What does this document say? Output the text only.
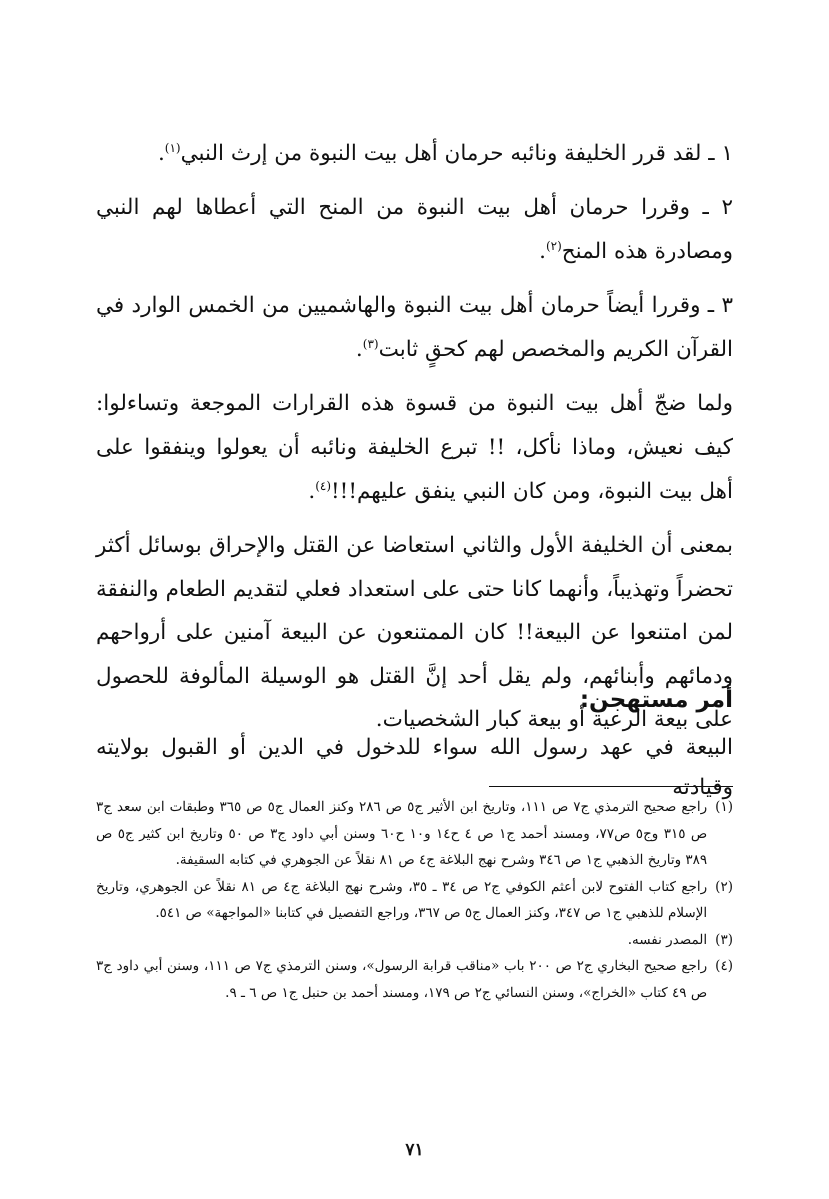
١ ـ لقد قرر الخليفة ونائبه حرمان أهل بيت النبوة من إرث النبي$^{(١)}$.

٢ ـ وقررا حرمان أهل بيت النبوة من المنح التي أعطاها لهم النبي ومصادرة هذه المنح$^{(٢)}$.

٣ ـ وقررا أيضاً حرمان أهل بيت النبوة والهاشميين من الخمس الوارد في القرآن الكريم والمخصص لهم كحقٍ ثابت$^{(٣)}$.

ولما ضجّ أهل بيت النبوة من قسوة هذه القرارات الموجعة وتساءلوا: كيف نعيش، وماذا نأكل، !! تبرع الخليفة ونائبه أن يعولوا وينفقوا على أهل بيت النبوة، ومن كان النبي ينفق عليهم!!!$^{(٤)}$.

بمعنى أن الخليفة الأول والثاني استعاضا عن القتل والإحراق بوسائل أكثر تحضراً وتهذيباً، وأنهما كانا حتى على استعداد فعلي لتقديم الطعام والنفقة لمن امتنعوا عن البيعة!! كان الممتنعون عن البيعة آمنين على أرواحهم ودمائهم وأبنائهم، ولم يقل أحد إنَّ القتل هو الوسيلة المألوفة للحصول على بيعة الرعية أو بيعة كبار الشخصيات.

أمر مستهجن:
البيعة في عهد رسول الله سواء للدخول في الدين أو القبول بولايته وقيادته
(١)
راجع صحيح الترمذي ج٧ ص ١١١، وتاريخ ابن الأثير ج٥ ص ٢٨٦ وكنز العمال ج٥ ص ٣٦٥ وطبقات ابن سعد ج٣ ص ٣١٥ وج٥ ص٧٧، ومسند أحمد ج١ ص ٤ ح١٤ و١٠ ح٦٠ وسنن أبي داود ج٣ ص ٥٠ وتاريخ ابن كثير ج٥ ص ٣٨٩ وتاريخ الذهبي ج١ ص ٣٤٦ وشرح نهج البلاغة ج٤ ص ٨١ نقلاً عن الجوهري في كتابه السقيفة.
(٢)
راجع كتاب الفتوح لابن أعثم الكوفي ج٢ ص ٣٤ ـ ٣٥، وشرح نهج البلاغة ج٤ ص ٨١ نقلاً عن الجوهري، وتاريخ الإسلام للذهبي ج١ ص ٣٤٧، وكنز العمال ج٥ ص ٣٦٧، وراجع التفصيل في كتابنا «المواجهة» ص ٥٤١.
(٣)
المصدر نفسه.
(٤)
راجع صحيح البخاري ج٢ ص ٢٠٠ باب «مناقب قرابة الرسول»، وسنن الترمذي ج٧ ص ١١١، وسنن أبي داود ج٣ ص ٤٩ كتاب «الخراج»، وسنن النسائي ج٢ ص ١٧٩، ومسند أحمد بن حنبل ج١ ص ٦ ـ ٩.
٧١
